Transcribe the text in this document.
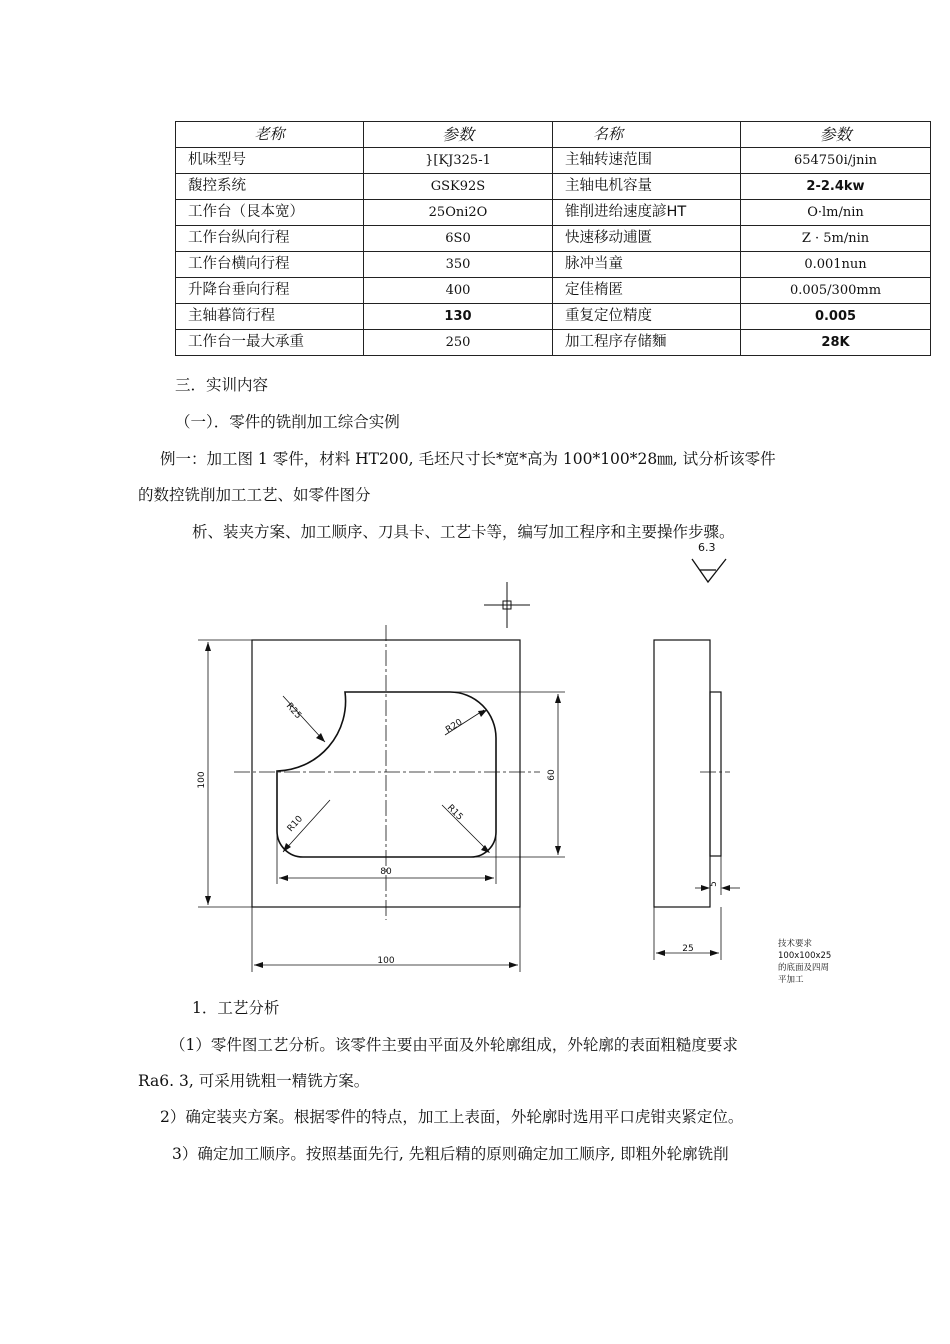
老称	参数	名称	参数
机味型号	}[KJ325-1	主轴转速范围	654750i/jnin
馥控系统	GSK92S	主轴电机容量	2-2.4kw
工作台（艮本宽）	25Oni2O	锥削进绐速度諺HT	O·lm/nin
工作台纵向行程	6S0	快速移动逋匱	Z · 5m/nin
工作台横向行程	350	脉冲当童	0.001nun
升降台垂向行程	400	定佳楕匿	0.005/300mm
主轴暮筒行程	130	重复定位精度	0.005
工作台一最大承重	250	加工程序存储麵	28K
三．实训内容
（一）．零件的铣削加工综合实例
例一：加工图 1 零件，材料 HT200, 毛坯尺寸长*宽*高为 100*100*28㎜, 试分析该零件
的数控铣削加工工艺、如零件图分
析、装夹方案、加工顺序、刀具卡、工艺卡等，编写加工程序和主要操作步骤。
6.3
100
100
60
80
25
5
R25
R20
R10
R15
技术要求
100x100x25
的底面及四周
平加工
1．工艺分析
（1）零件图工艺分析。该零件主要由平面及外轮廓组成，外轮廓的表面粗糙度要求
Ra6. 3, 可采用铣粗一精铣方案。
2）确定装夹方案。根据零件的特点，加工上表面，外轮廓时选用平口虎钳夹紧定位。
3）确定加工顺序。按照基面先行, 先粗后精的原则确定加工顺序, 即粗外轮廓铣削
